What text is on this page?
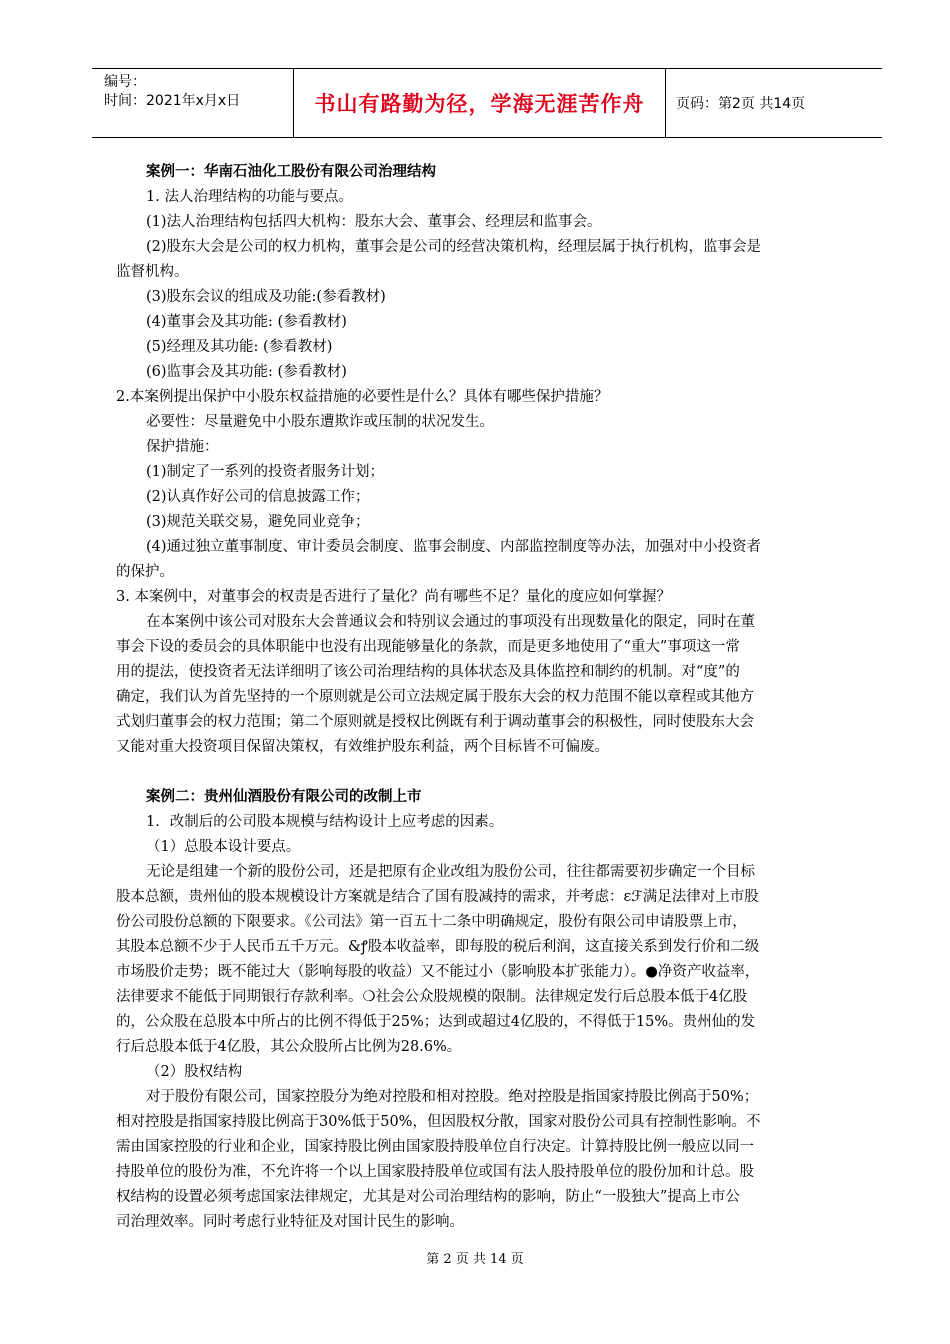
编号：
时间：2021年x月x日	书山有路勤为径，学海无涯苦作舟	页码：第2页 共14页
案例一：华南石油化工股份有限公司治理结构
1. 法人治理结构的功能与要点。
(1)法人治理结构包括四大机构：股东大会、董事会、经理层和监事会。
(2)股东大会是公司的权力机构，董事会是公司的经营决策机构，经理层属于执行机构，监事会是
监督机构。
(3)股东会议的组成及功能:(参看教材)
(4)董事会及其功能: (参看教材)
(5)经理及其功能: (参看教材)
(6)监事会及其功能: (参看教材)
2.本案例提出保护中小股东权益措施的必要性是什么？具体有哪些保护措施？
必要性：尽量避免中小股东遭欺诈或压制的状况发生。
保护措施：
(1)制定了一系列的投资者服务计划；
(2)认真作好公司的信息披露工作；
(3)规范关联交易，避免同业竞争；
(4)通过独立董事制度、审计委员会制度、监事会制度、内部监控制度等办法，加强对中小投资者
的保护。
3. 本案例中，对董事会的权责是否进行了量化？尚有哪些不足？量化的度应如何掌握？
在本案例中该公司对股东大会普通议会和特别议会通过的事项没有出现数量化的限定，同时在董
事会下设的委员会的具体职能中也没有出现能够量化的条款，而是更多地使用了“重大”事项这一常
用的提法，使投资者无法详细明了该公司治理结构的具体状态及具体监控和制约的机制。对“度”的
确定，我们认为首先坚持的一个原则就是公司立法规定属于股东大会的权力范围不能以章程或其他方
式划归董事会的权力范围；第二个原则就是授权比例既有利于调动董事会的积极性，同时使股东大会
又能对重大投资项目保留决策权，有效维护股东利益，两个目标皆不可偏废。
案例二：贵州仙酒股份有限公司的改制上市
1．改制后的公司股本规模与结构设计上应考虑的因素。
（1）总股本设计要点。
无论是组建一个新的股份公司，还是把原有企业改组为股份公司，往往都需要初步确定一个目标
股本总额，贵州仙的股本规模设计方案就是结合了国有股减持的需求，并考虑：ԑℱ满足法律对上市股
份公司股份总额的下限要求。《公司法》第一百五十二条中明确规定，股份有限公司申请股票上市，
其股本总额不少于人民币五千万元。&ꝭ股本收益率，即每股的税后利润，这直接关系到发行价和二级
市场股价走势；既不能过大（影响每股的收益）又不能过小（影响股本扩张能力）。●净资产收益率，
法律要求不能低于同期银行存款利率。❍社会公众股规模的限制。法律规定发行后总股本低于4亿股
的，公众股在总股本中所占的比例不得低于25%；达到或超过4亿股的，不得低于15%。贵州仙的发
行后总股本低于4亿股，其公众股所占比例为28.6%。
（2）股权结构
对于股份有限公司，国家控股分为绝对控股和相对控股。绝对控股是指国家持股比例高于50%；
相对控股是指国家持股比例高于30%低于50%，但因股权分散，国家对股份公司具有控制性影响。不
需由国家控股的行业和企业，国家持股比例由国家股持股单位自行决定。计算持股比例一般应以同一
持股单位的股份为准，不允许将一个以上国家股持股单位或国有法人股持股单位的股份加和计总。股
权结构的设置必须考虑国家法律规定，尤其是对公司治理结构的影响，防止“一股独大”提高上市公
司治理效率。同时考虑行业特征及对国计民生的影响。
第 2 页 共 14 页
